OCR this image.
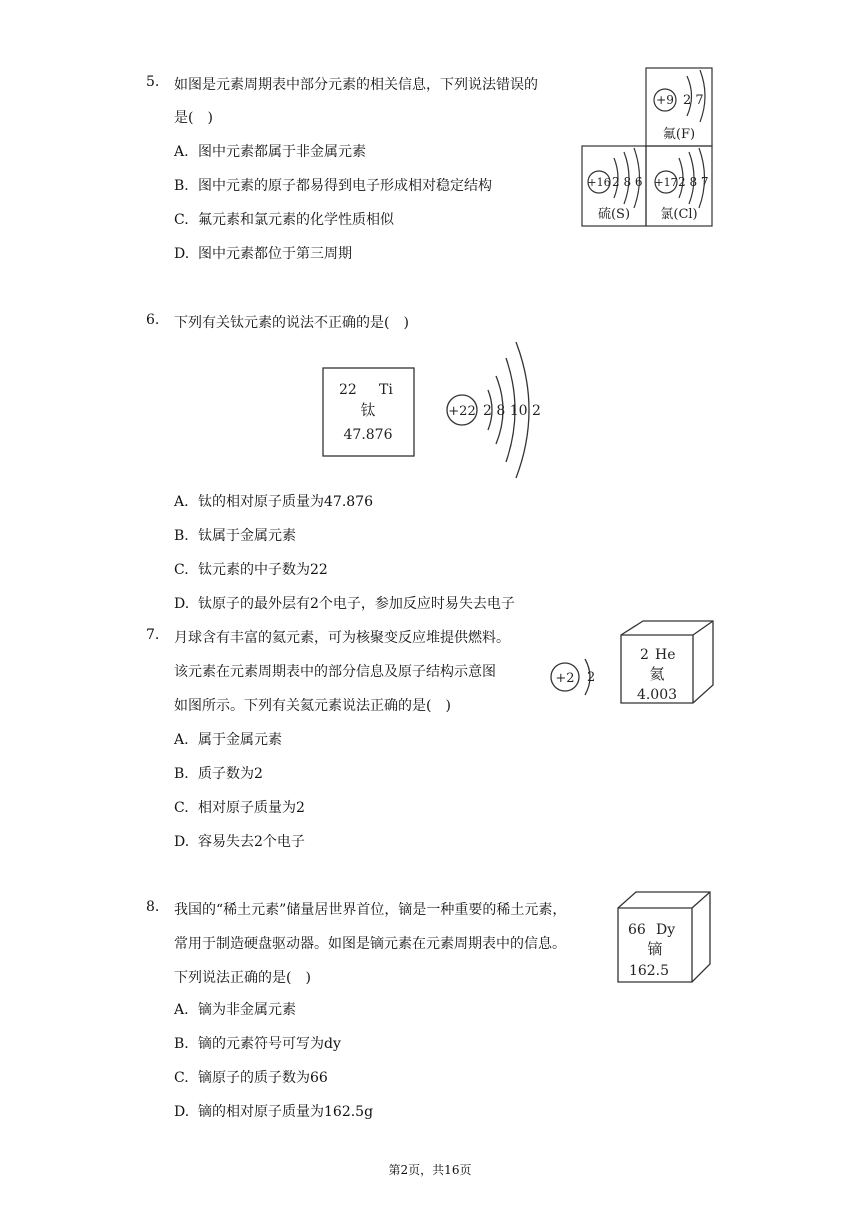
5. 如图是元素周期表中部分元素的相关信息，下列说法错误的
是(　)
A. 图中元素都属于非金属元素
B. 图中元素的原子都易得到电子形成相对稳定结构
C. 氟元素和氯元素的化学性质相似
D. 图中元素都位于第三周期
+9 2 7
氟(F)
+16 2 8 6
硫(S)
+17 2 8 7
氯(Cl)
6. 下列有关钛元素的说法不正确的是(　)
22 Ti
钛
47.876
+22 2 8 10 2
A. 钛的相对原子质量为47.876
B. 钛属于金属元素
C. 钛元素的中子数为22
D. 钛原子的最外层有2个电子，参加反应时易失去电子
7. 月球含有丰富的氦元素，可为核聚变反应堆提供燃料。
该元素在元素周期表中的部分信息及原子结构示意图
如图所示。下列有关氦元素说法正确的是(　)
+2 2
2 He
氦
4.003
A. 属于金属元素
B. 质子数为2
C. 相对原子质量为2
D. 容易失去2个电子
8. 我国的“稀土元素”储量居世界首位，镝是一种重要的稀土元素，
常用于制造硬盘驱动器。如图是镝元素在元素周期表中的信息。
下列说法正确的是(　)
66 Dy
镝
162.5
A. 镝为非金属元素
B. 镝的元素符号可写为dy
C. 镝原子的质子数为66
D. 镝的相对原子质量为162.5g
第2页，共16页
